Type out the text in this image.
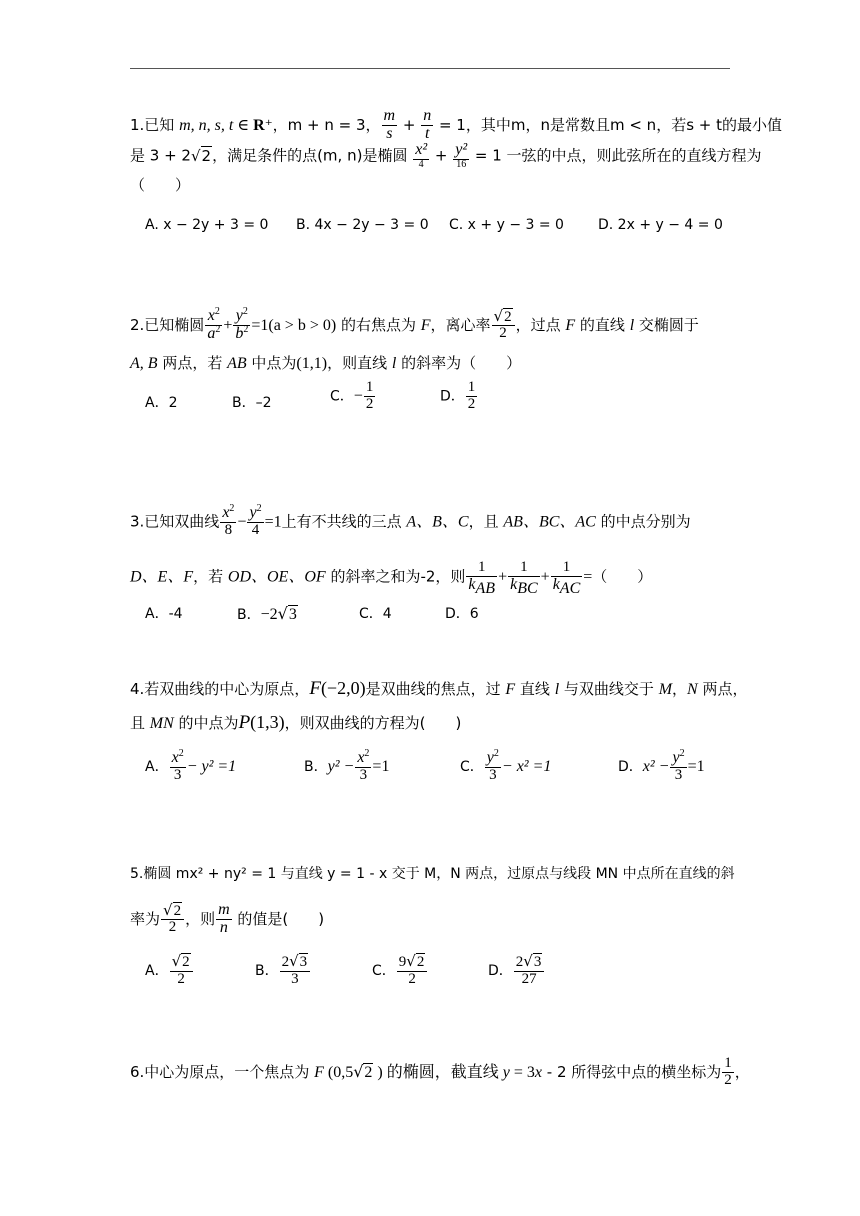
1.已知 m, n, s, t ∈ R⁺，m + n = 3， $\frac{m}{s} + \frac{n}{t} = 1$，其中m，n是常数且m < n，若s + t的最小值
是 3 + 2√2，满足条件的点(m, n)是椭圆 $\frac{\text{x²}}{4} + \frac{\text{y²}}{16} = 1$ 一弦的中点，则此弦所在的直线方程为
（　　）
A. x − 2y + 3 = 0 B. 4x − 2y − 3 = 0 C. x + y − 3 = 0 D. 2x + y − 4 = 0
2.已知椭圆 $\frac{x^2}{a^2} + \frac{y^2}{b^2} =1(a > b > 0)$ 的右焦点为 F，离心率 $\frac{√2}{2}$ ，过点 F 的直线 l 交椭圆于
A, B 两点，若 AB 中点为(1,1)，则直线 l 的斜率为（　　）
A．2	B．–2	C．− $\frac{1}{2}$	D． $\frac{1}{2}$
3.已知双曲线 $\frac{x^2}{8} - \frac{y^2}{4} =1$上有不共线的三点 A、B、C，且 AB、BC、AC 的中点分别为
D、E、F，若 OD、OE、OF 的斜率之和为-2，则 $\frac{1}{k_{AB}} + \frac{1}{k_{BC}} + \frac{1}{k_{AC}}$ =（　　）
A．-4	B．−2√3	C．4	D．6
4.若双曲线的中心为原点，F(−2,0)是双曲线的焦点，过 F 直线 l 与双曲线交于 M，N 两点，
且 MN 的中点为P(1,3)，则双曲线的方程为(　　)
A． $\frac{x^2}{3} - y^2 =1$	B．$y^2 - \frac{x^2}{3} =1$	C． $\frac{y^2}{3} - x^2 =1$	D．$x^2 - \frac{y^2}{3} =1$
5.椭圆 mx² + ny² = 1 与直线 y = 1 - x 交于 M，N 两点，过原点与线段 MN 中点所在直线的斜
率为 $\frac{√2}{2}$ ，则 $\frac{m}{n}$ 的值是(　　)
A． $\frac{√2}{2}$	B． $\frac{2√3}{3}$	C． $\frac{9√2}{2}$	D． $\frac{2√3}{27}$
6.中心为原点，一个焦点为 F (0,5√2 ) 的椭圆，截直线 y = 3x - 2 所得弦中点的横坐标为 $\frac{1}{2}$ ，
